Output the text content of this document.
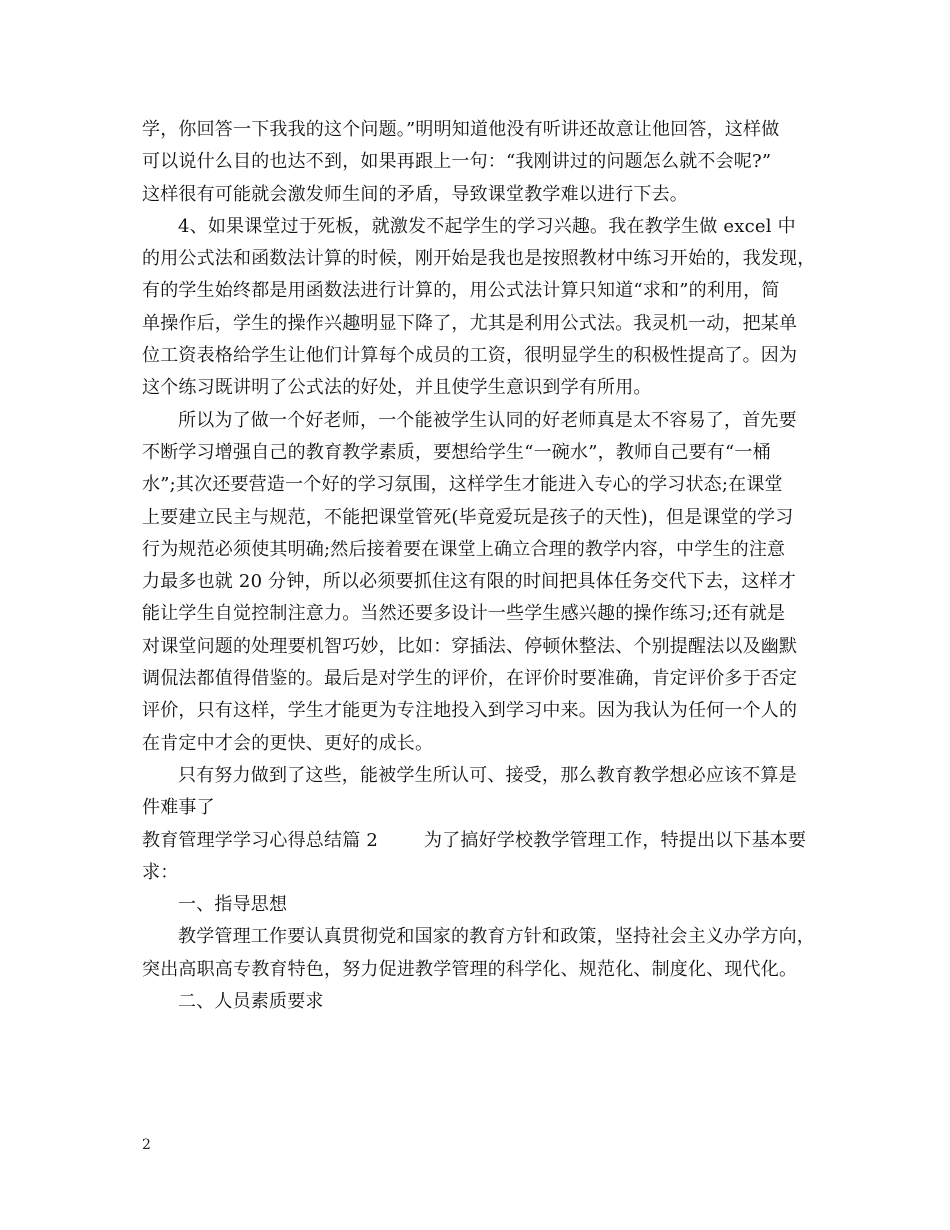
学，你回答一下我我的这个问题。”明明知道他没有听讲还故意让他回答，这样做
可以说什么目的也达不到，如果再跟上一句：“我刚讲过的问题怎么就不会呢?”
这样很有可能就会激发师生间的矛盾，导致课堂教学难以进行下去。
4、如果课堂过于死板，就激发不起学生的学习兴趣。我在教学生做 excel 中
的用公式法和函数法计算的时候，刚开始是我也是按照教材中练习开始的，我发现，
有的学生始终都是用函数法进行计算的，用公式法计算只知道“求和”的利用，简
单操作后，学生的操作兴趣明显下降了，尤其是利用公式法。我灵机一动，把某单
位工资表格给学生让他们计算每个成员的工资，很明显学生的积极性提高了。因为
这个练习既讲明了公式法的好处，并且使学生意识到学有所用。
所以为了做一个好老师，一个能被学生认同的好老师真是太不容易了，首先要
不断学习增强自己的教育教学素质，要想给学生“一碗水”，教师自己要有“一桶
水”;其次还要营造一个好的学习氛围，这样学生才能进入专心的学习状态;在课堂
上要建立民主与规范，不能把课堂管死(毕竟爱玩是孩子的天性)，但是课堂的学习
行为规范必须使其明确;然后接着要在课堂上确立合理的教学内容，中学生的注意
力最多也就 20 分钟，所以必须要抓住这有限的时间把具体任务交代下去，这样才
能让学生自觉控制注意力。当然还要多设计一些学生感兴趣的操作练习;还有就是
对课堂问题的处理要机智巧妙，比如：穿插法、停顿休整法、个别提醒法以及幽默
调侃法都值得借鉴的。最后是对学生的评价，在评价时要准确，肯定评价多于否定
评价，只有这样，学生才能更为专注地投入到学习中来。因为我认为任何一个人的
在肯定中才会的更快、更好的成长。
只有努力做到了这些，能被学生所认可、接受，那么教育教学想必应该不算是
件难事了
教育管理学学习心得总结篇 2	为了搞好学校教学管理工作，特提出以下基本要
求：
一、指导思想
教学管理工作要认真贯彻党和国家的教育方针和政策，坚持社会主义办学方向，
突出高职高专教育特色，努力促进教学管理的科学化、规范化、制度化、现代化。
二、人员素质要求
2
